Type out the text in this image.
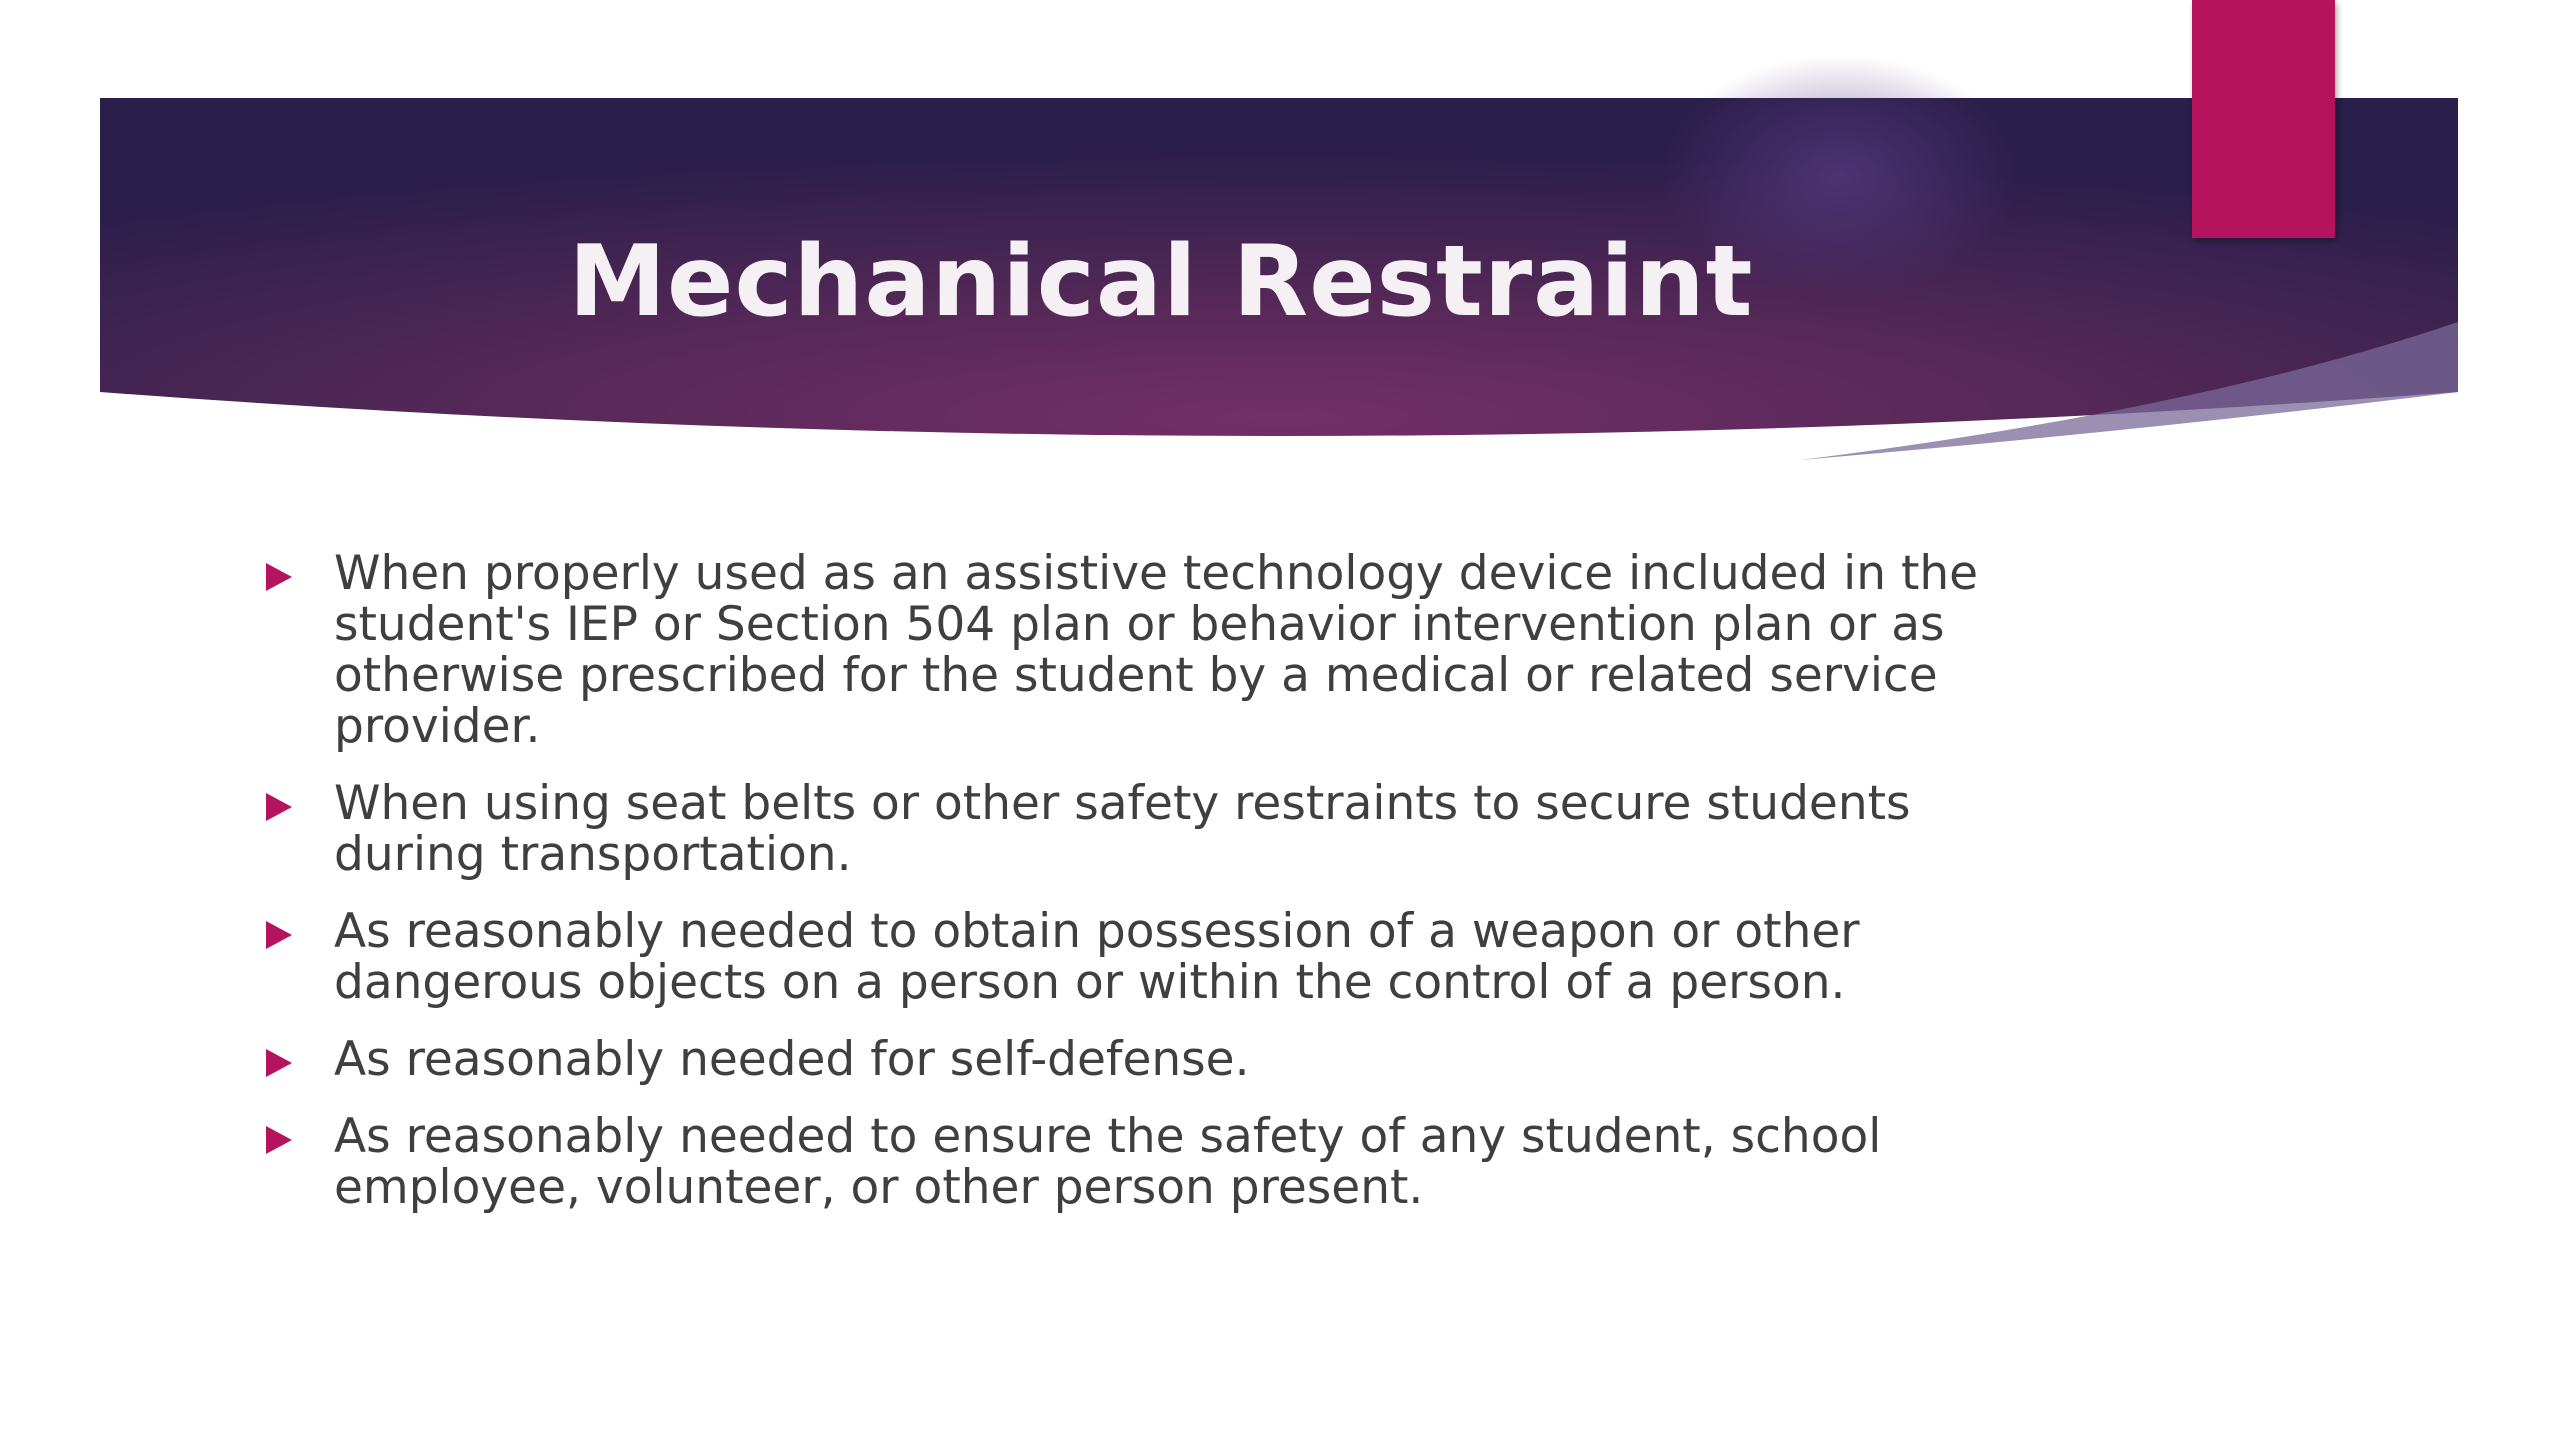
Mechanical Restraint
When properly used as an assistive technology device included in the student's IEP or Section 504 plan or behavior intervention plan or as otherwise prescribed for the student by a medical or related service provider.
When using seat belts or other safety restraints to secure students during transportation.
As reasonably needed to obtain possession of a weapon or other dangerous objects on a person or within the control of a person.
As reasonably needed for self-defense.
As reasonably needed to ensure the safety of any student, school employee, volunteer, or other person present.
